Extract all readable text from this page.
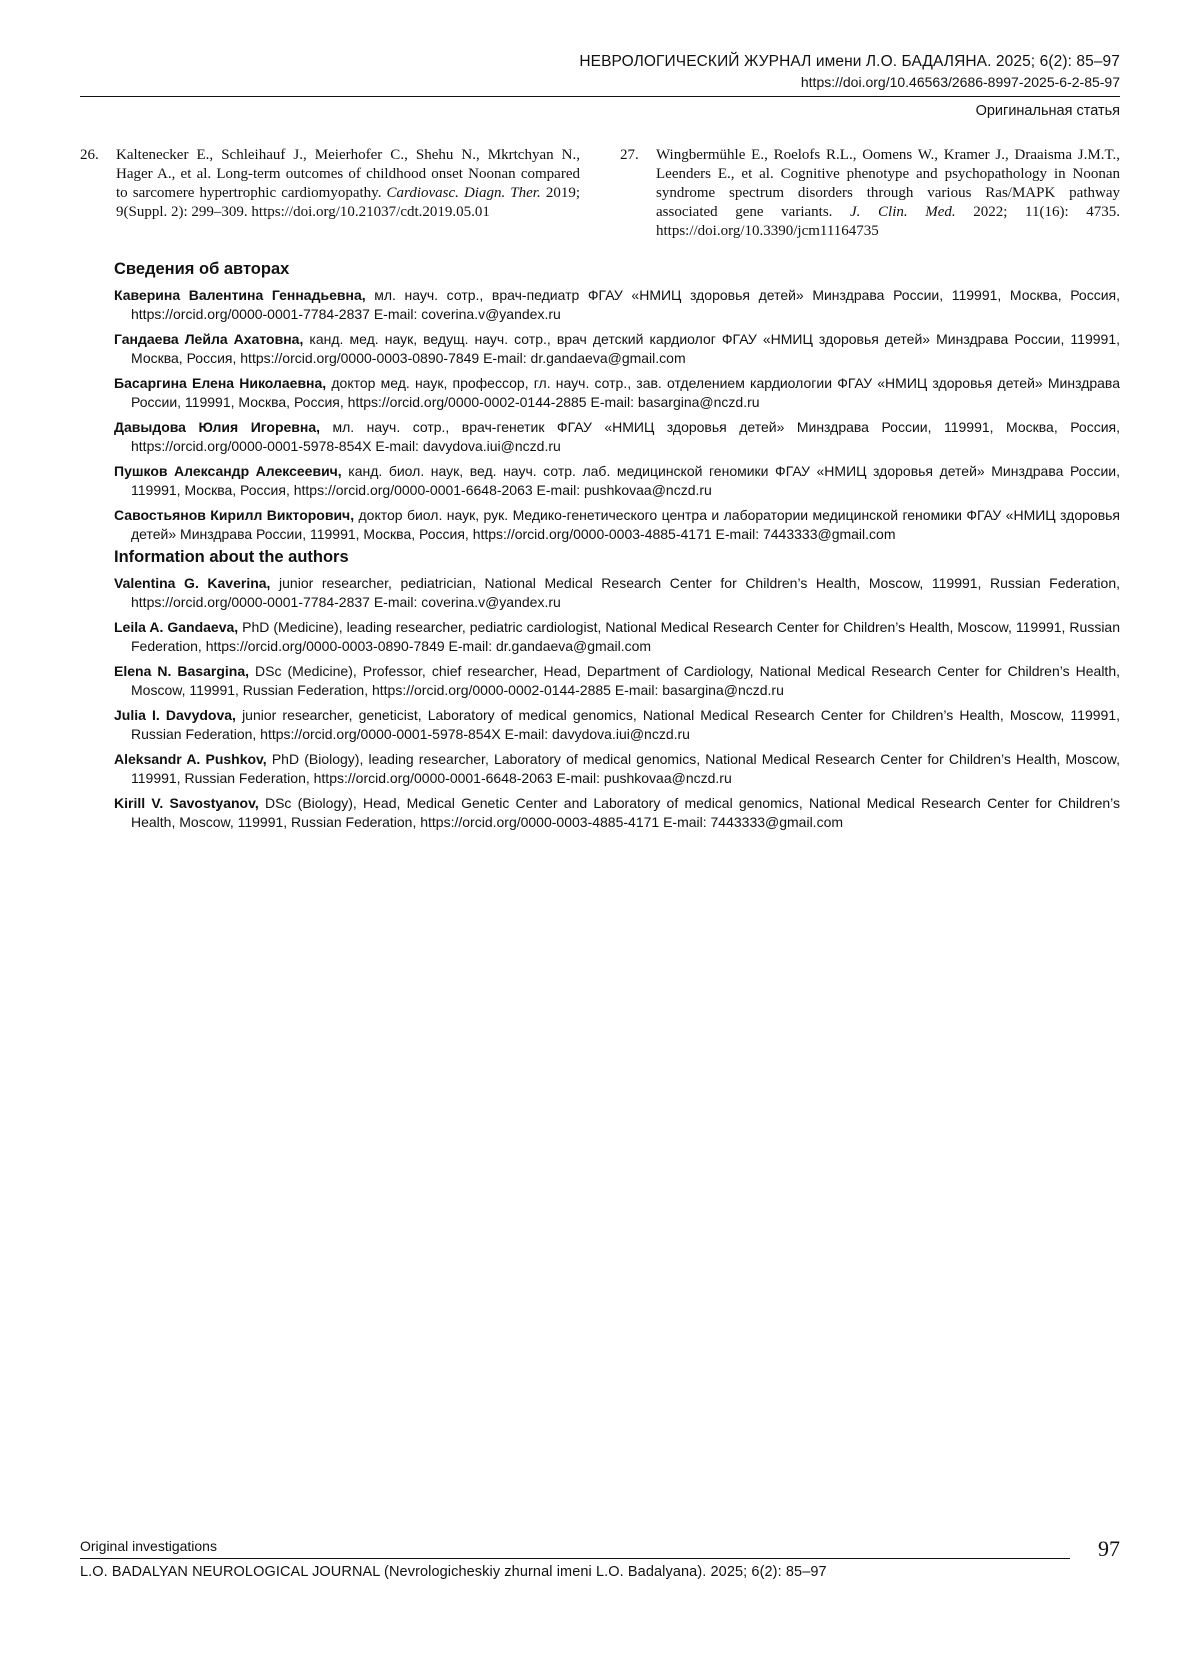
НЕВРОЛОГИЧЕСКИЙ ЖУРНАЛ имени Л.О. БАДАЛЯНА. 2025; 6(2): 85–97
https://doi.org/10.46563/2686-8997-2025-6-2-85-97
Оригинальная статья
26.	Kaltenecker E., Schleihauf J., Meierhofer C., Shehu N., Mkrtchyan N., Hager A., et al. Long-term outcomes of childhood onset Noonan compared to sarcomere hypertrophic cardiomyopathy. Cardiovasc. Diagn. Ther. 2019; 9(Suppl. 2): 299–309. https://doi.org/10.21037/cdt.2019.05.01
27.	Wingbermühle E., Roelofs R.L., Oomens W., Kramer J., Draaisma J.M.T., Leenders E., et al. Cognitive phenotype and psychopathology in Noonan syndrome spectrum disorders through various Ras/MAPK pathway associated gene variants. J. Clin. Med. 2022; 11(16): 4735. https://doi.org/10.3390/jcm11164735
Сведения об авторах

Каверина Валентина Геннадьевна, мл. науч. сотр., врач-педиатр ФГАУ «НМИЦ здоровья детей» Минздрава России, 119991, Москва, Россия, https://orcid.org/0000-0001-7784-2837 E-mail: coverina.v@yandex.ru

Гандаева Лейла Ахатовна, канд. мед. наук, ведущ. науч. сотр., врач детский кардиолог ФГАУ «НМИЦ здоровья детей» Минздрава России, 119991, Москва, Россия, https://orcid.org/0000-0003-0890-7849 E-mail: dr.gandaeva@gmail.com

Басаргина Елена Николаевна, доктор мед. наук, профессор, гл. науч. сотр., зав. отделением кардиологии ФГАУ «НМИЦ здоровья детей» Минздрава России, 119991, Москва, Россия, https://orcid.org/0000-0002-0144-2885 E-mail: basargina@nczd.ru

Давыдова Юлия Игоревна, мл. науч. сотр., врач-генетик ФГАУ «НМИЦ здоровья детей» Минздрава России, 119991, Москва, Россия, https://orcid.org/0000-0001-5978-854X E-mail: davydova.iui@nczd.ru

Пушков Александр Алексеевич, канд. биол. наук, вед. науч. сотр. лаб. медицинской геномики ФГАУ «НМИЦ здоровья детей» Минздрава России, 119991, Москва, Россия, https://orcid.org/0000-0001-6648-2063 E-mail: pushkovaa@nczd.ru

Савостьянов Кирилл Викторович, доктор биол. наук, рук. Медико-генетического центра и лаборатории медицинской геномики ФГАУ «НМИЦ здоровья детей» Минздрава России, 119991, Москва, Россия, https://orcid.org/0000-0003-4885-4171 E-mail: 7443333@gmail.com

Information about the authors

Valentina G. Kaverina, junior researcher, pediatrician, National Medical Research Center for Children’s Health, Moscow, 119991, Russian Federation, https://orcid.org/0000-0001-7784-2837 E-mail: coverina.v@yandex.ru

Leila A. Gandaeva, PhD (Medicine), leading researcher, pediatric cardiologist, National Medical Research Center for Children’s Health, Moscow, 119991, Russian Federation, https://orcid.org/0000-0003-0890-7849 E-mail: dr.gandaeva@gmail.com

Elena N. Basargina, DSc (Medicine), Professor, chief researcher, Head, Department of Cardiology, National Medical Research Center for Children’s Health, Moscow, 119991, Russian Federation, https://orcid.org/0000-0002-0144-2885 E-mail: basargina@nczd.ru

Julia I. Davydova, junior researcher, geneticist, Laboratory of medical genomics, National Medical Research Center for Children’s Health, Moscow, 119991, Russian Federation, https://orcid.org/0000-0001-5978-854X E-mail: davydova.iui@nczd.ru

Aleksandr A. Pushkov, PhD (Biology), leading researcher, Laboratory of medical genomics, National Medical Research Center for Children’s Health, Moscow, 119991, Russian Federation, https://orcid.org/0000-0001-6648-2063 E-mail: pushkovaa@nczd.ru

Kirill V. Savostyanov, DSc (Biology), Head, Medical Genetic Center and Laboratory of medical genomics, National Medical Research Center for Children’s Health, Moscow, 119991, Russian Federation, https://orcid.org/0000-0003-4885-4171 E-mail: 7443333@gmail.com

Original investigations
L.O. BADALYAN NEUROLOGICAL JOURNAL (Nevrologicheskiy zhurnal imeni L.O. Badalyana). 2025; 6(2): 85–97
97
